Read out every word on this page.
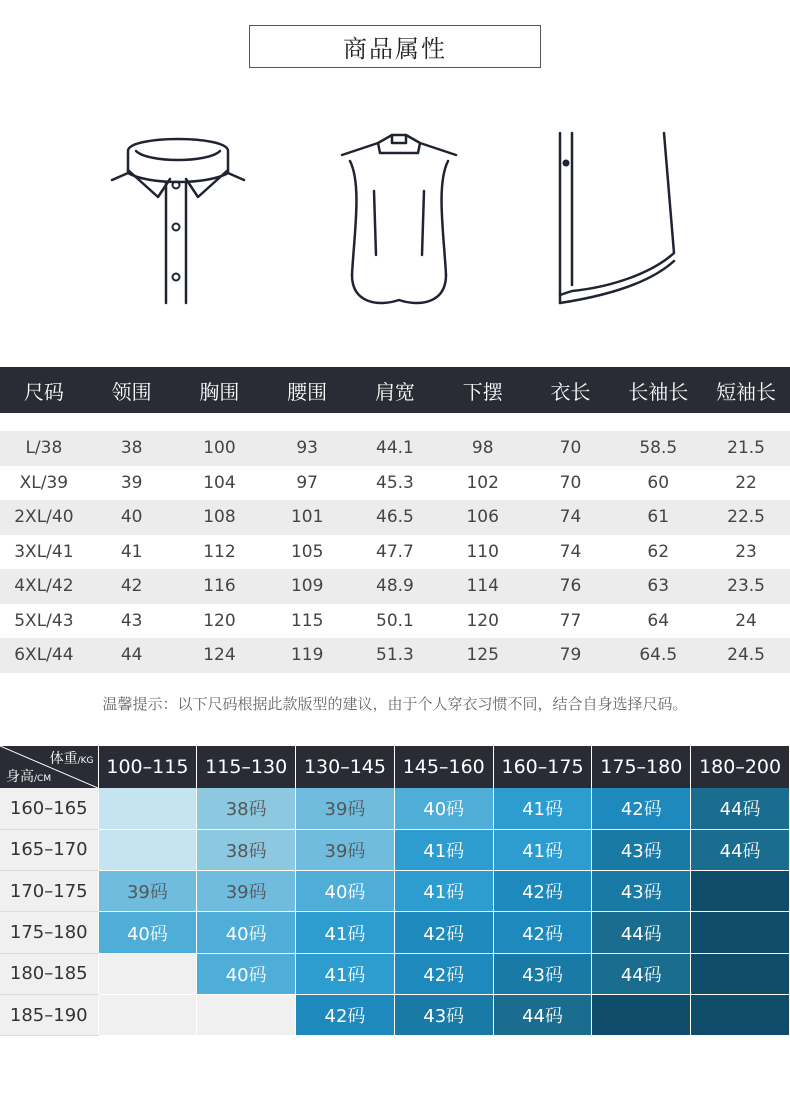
商品属性
尺码	领围	胸围	腰围	肩宽	下摆	衣长	长袖长	短袖长

L/38	38	100	93	44.1	98	70	58.5	21.5
XL/39	39	104	97	45.3	102	70	60	22
2XL/40	40	108	101	46.5	106	74	61	22.5
3XL/41	41	112	105	47.7	110	74	62	23
4XL/42	42	116	109	48.9	114	76	63	23.5
5XL/43	43	120	115	50.1	120	77	64	24
6XL/44	44	124	119	51.3	125	79	64.5	24.5
温馨提示：以下尺码根据此款版型的建议，由于个人穿衣习惯不同，结合自身选择尺码。
体重/KG
身高/CM	100–115	115–130	130–145	145–160	160–175	175–180	180–200
160–165		38码	39码	40码	41码	42码	44码
165–170		38码	39码	41码	41码	43码	44码
170–175	39码	39码	40码	41码	42码	43码	
175–180	40码	40码	41码	42码	42码	44码	
180–185		40码	41码	42码	43码	44码	
185–190			42码	43码	44码		
